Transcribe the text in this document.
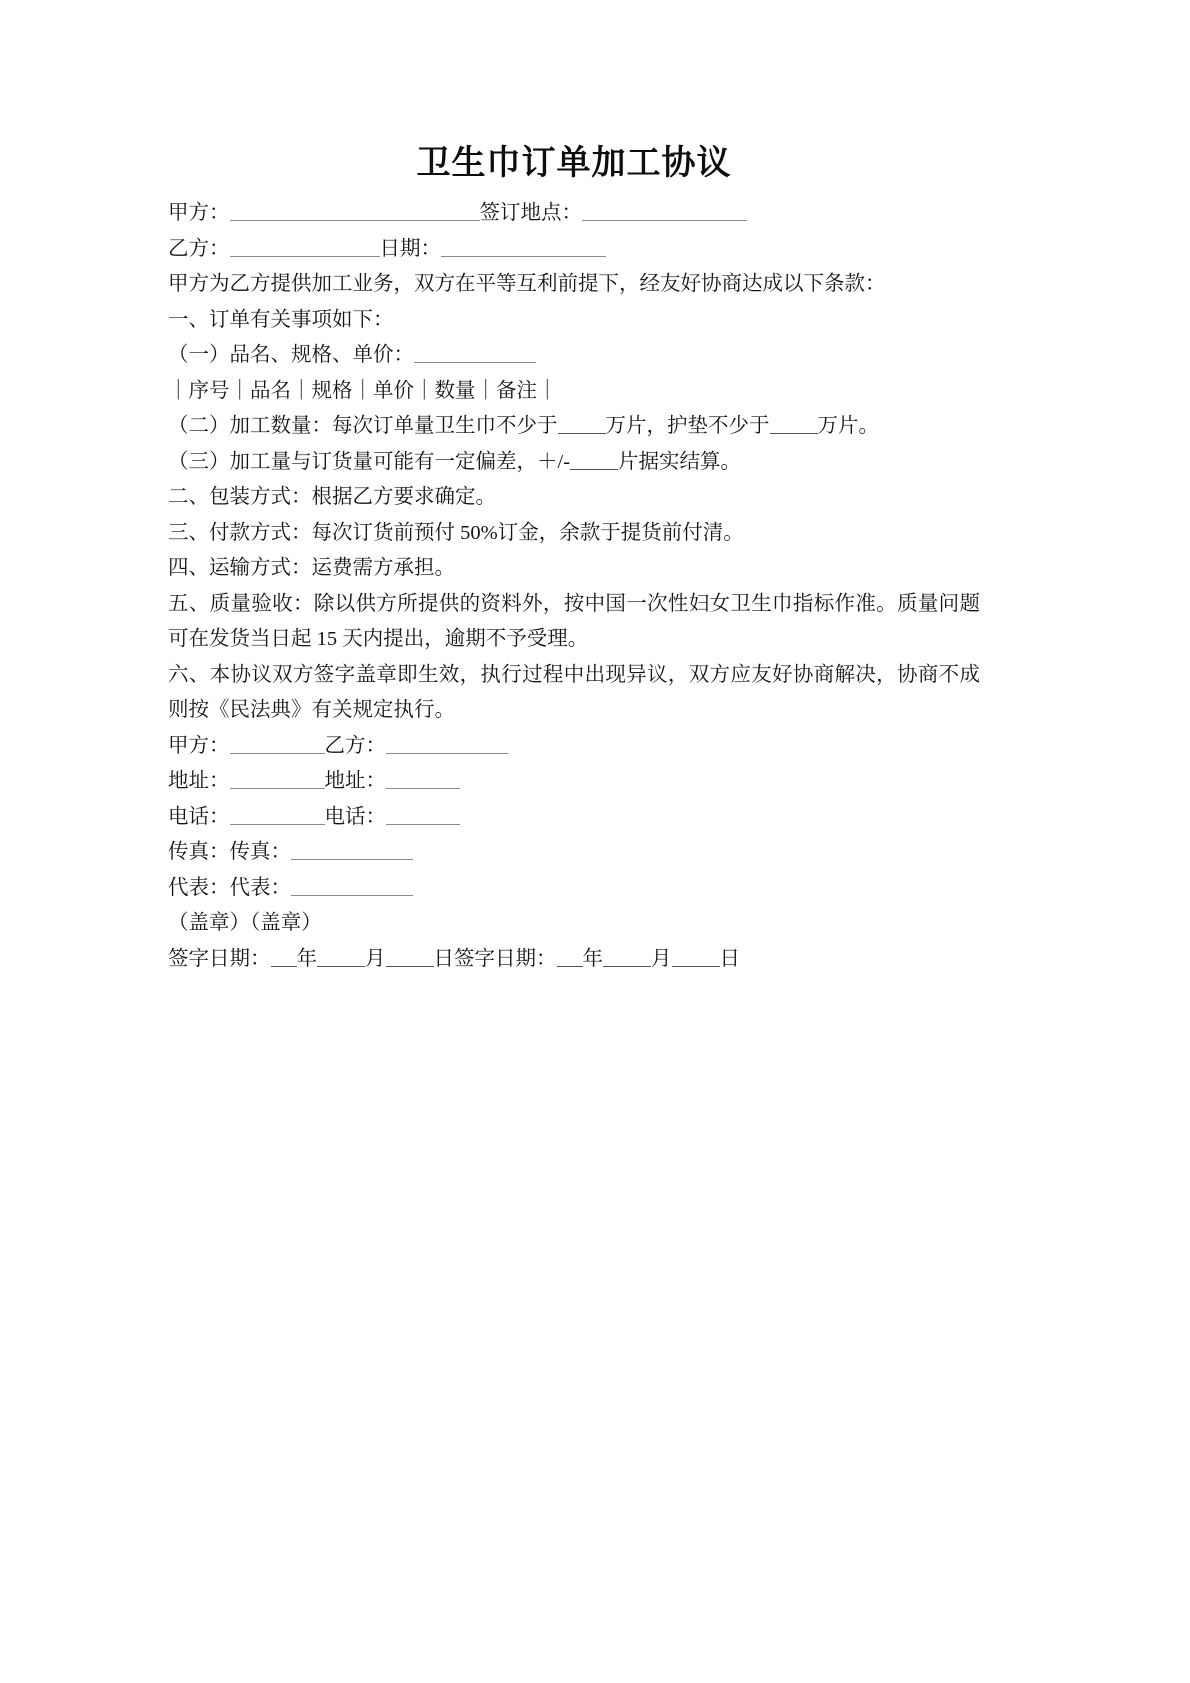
卫生巾订单加工协议

甲方：	签订地点：

乙方：	日期：

甲方为乙方提供加工业务，双方在平等互利前提下，经友好协商达成以下条款：

一、订单有关事项如下：

（一）品名、规格、单价：

｜序号｜品名｜规格｜单价｜数量｜备注｜

（二）加工数量：每次订单量卫生巾不少于 万片，护垫不少于 万片。

（三）加工量与订货量可能有一定偏差，＋/- 片据实结算。

二、包装方式：根据乙方要求确定。

三、付款方式：每次订货前预付 50%订金，余款于提货前付清。

四、运输方式：运费需方承担。

五、质量验收：除以供方所提供的资料外，按中国一次性妇女卫生巾指标作准。质量问题可在发货当日起 15 天内提出，逾期不予受理。

六、本协议双方签字盖章即生效，执行过程中出现异议，双方应友好协商解决，协商不成则按《民法典》有关规定执行。

甲方：	乙方：

地址：	地址：

电话：	电话：

传真：传真：

代表：代表：

（盖章）（盖章）

签字日期： 年 月 日签字日期： 年 月 日
